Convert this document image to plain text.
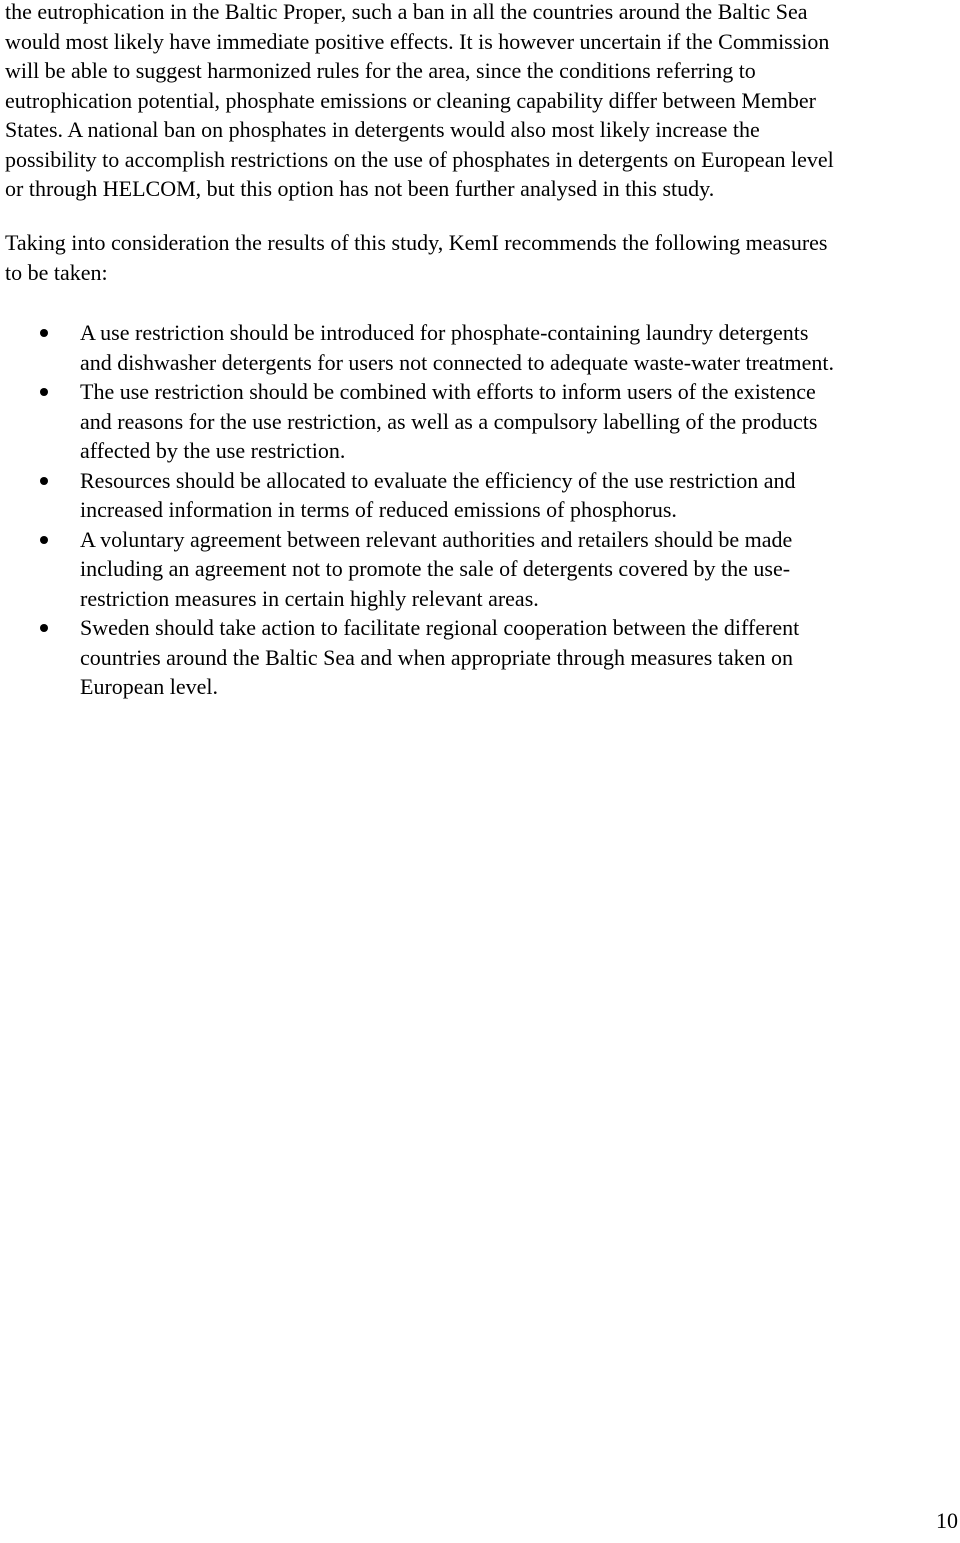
the eutrophication in the Baltic Proper, such a ban in all the countries around the Baltic Sea
would most likely have immediate positive effects. It is however uncertain if the Commission
will be able to suggest harmonized rules for the area, since the conditions referring to
eutrophication potential, phosphate emissions or cleaning capability differ between Member
States. A national ban on phosphates in detergents would also most likely increase the
possibility to accomplish restrictions on the use of phosphates in detergents on European level
or through HELCOM, but this option has not been further analysed in this study.

Taking into consideration the results of this study, KemI recommends the following measures
to be taken:

A use restriction should be introduced for phosphate-containing laundry detergents
and dishwasher detergents for users not connected to adequate waste-water treatment.
The use restriction should be combined with efforts to inform users of the existence
and reasons for the use restriction, as well as a compulsory labelling of the products
affected by the use restriction.
Resources should be allocated to evaluate the efficiency of the use restriction and
increased information in terms of reduced emissions of phosphorus.
A voluntary agreement between relevant authorities and retailers should be made
including an agreement not to promote the sale of detergents covered by the use-
restriction measures in certain highly relevant areas.
Sweden should take action to facilitate regional cooperation between the different
countries around the Baltic Sea and when appropriate through measures taken on
European level.
10
